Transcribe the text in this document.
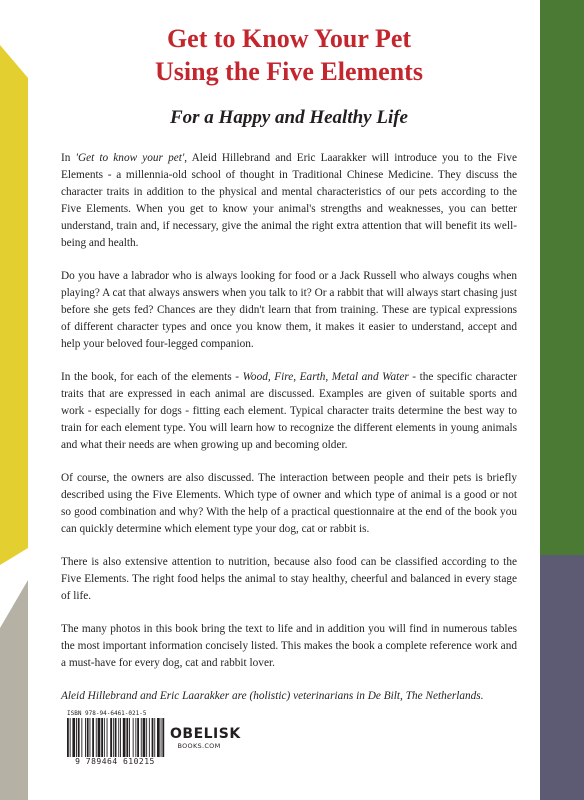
Get to Know Your Pet
Using the Five Elements
For a Happy and Healthy Life

In 'Get to know your pet', Aleid Hillebrand and Eric Laarakker will introduce you to the Five Elements - a millennia-old school of thought in Traditional Chinese Medicine. They discuss the character traits in addition to the physical and mental characteristics of our pets according to the Five Elements. When you get to know your animal's strengths and weaknesses, you can better understand, train and, if necessary, give the animal the right extra attention that will benefit its well-being and health.

Do you have a labrador who is always looking for food or a Jack Russell who always coughs when playing? A cat that always answers when you talk to it? Or a rabbit that will always start chasing just before she gets fed? Chances are they didn't learn that from training. These are typical expressions of different character types and once you know them, it makes it easier to understand, accept and help your beloved four-legged companion.

In the book, for each of the elements - Wood, Fire, Earth, Metal and Water - the specific character traits that are expressed in each animal are discussed. Examples are given of suitable sports and work - especially for dogs - fitting each element. Typical character traits determine the best way to train for each element type. You will learn how to recognize the different elements in young animals and what their needs are when growing up and becoming older.

Of course, the owners are also discussed. The interaction between people and their pets is briefly described using the Five Elements. Which type of owner and which type of animal is a good or not so good combination and why? With the help of a practical questionnaire at the end of the book you can quickly determine which element type your dog, cat or rabbit is.

There is also extensive attention to nutrition, because also food can be classified according to the Five Elements. The right food helps the animal to stay healthy, cheerful and balanced in every stage of life.

The many photos in this book bring the text to life and in addition you will find in numerous tables the most important information concisely listed. This makes the book a complete reference work and a must-have for every dog, cat and rabbit lover.

Aleid Hillebrand and Eric Laarakker are (holistic) veterinarians in De Bilt, The Netherlands.

ISBN 978-94-6461-021-5

9 789464 610215

OBELISK
BOOKS.COM
